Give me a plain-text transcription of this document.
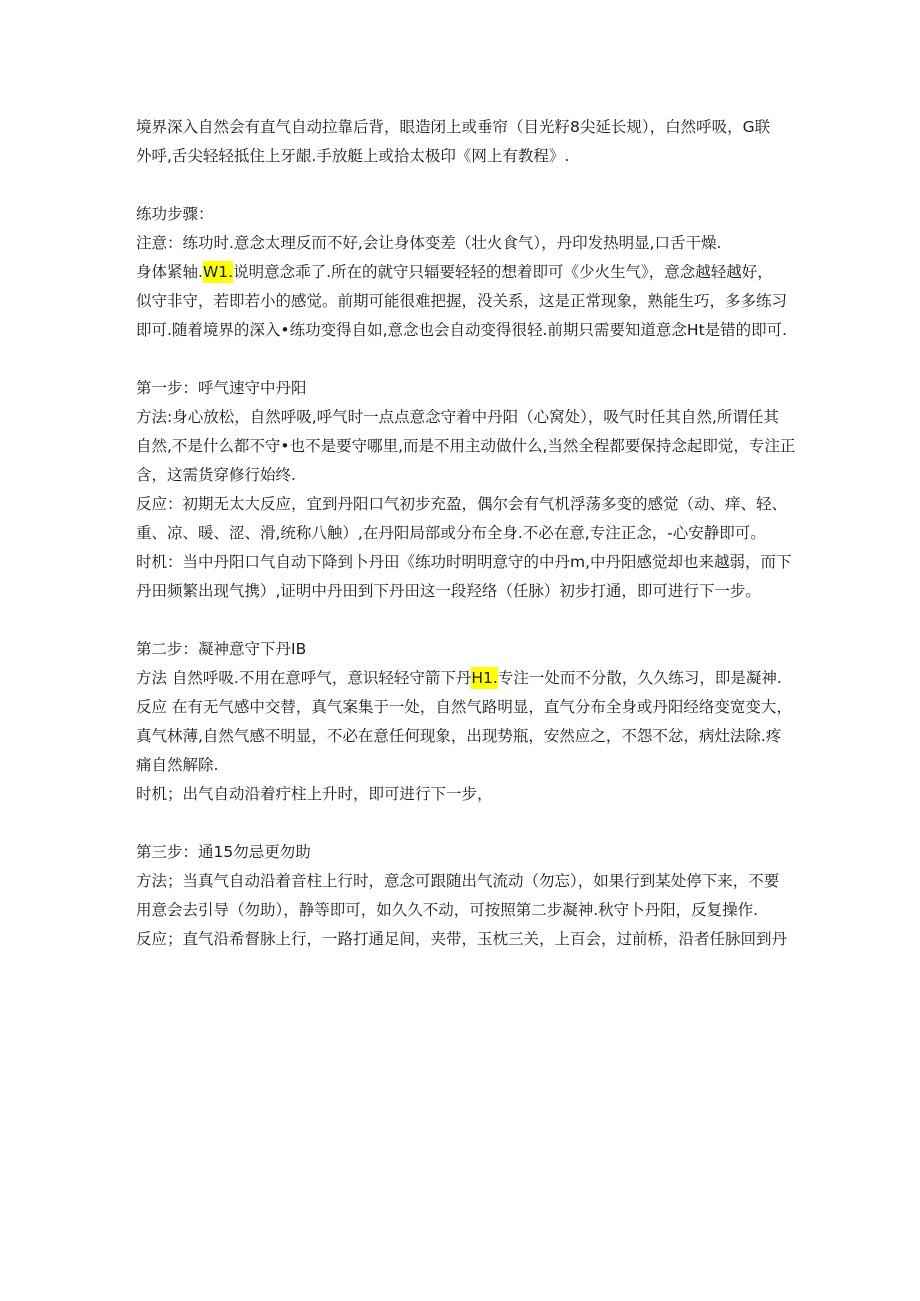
境界深入自然会有直气自动拉靠后背，眼造闭上或垂帘（目光籽8尖延长规），白然呼吸，G联
外呼,舌尖轻轻抵住上牙龈.手放艇上或拾太极印《网上有教程》.
练功步骤：
注意：练功时.意念太理反而不好,会让身体变差（壮火食气），丹印发热明显,口舌干燥.
身体紧轴.W1.说明意念乖了.所在的就守只辐要轻轻的想着即可《少火生气》，意念越轻越好，
似守非守，若即若小的感觉。前期可能很难把握，没关系，这是正常现象，熟能生巧，多多练习
即可.随着境界的深入•练功变得自如,意念也会自动变得很轻.前期只需要知道意念Ht是错的即可.
第一步：呼气速守中丹阳
方法:身心放松，自然呼吸,呼气时一点点意念守着中丹阳（心窝处），吸气时任其自然,所谓任其
自然,不是什么都不守•也不是要守哪里,而是不用主动做什么,当然全程都要保持念起即觉，专注正
含，这需货穿修行始终.
反应：初期无太大反应，宜到丹阳口气初步充盈，偶尔会有气机浮荡多变的感觉（动、痒、轻、
重、凉、暖、涩、滑,统称八触）,在丹阳局部或分布全身.不必在意,专注正念，-心安静即可。
时机：当中丹阳口气自动下降到卜丹田《练功时明明意守的中丹m,中丹阳感觉却也来越弱，而下
丹田频繁出现气携）,证明中丹田到下丹田这一段羟络（任脉）初步打通，即可进行下一步。
第二步：凝神意守下丹IB
方法 自然呼吸.不用在意呼气，意识轻轻守箭下丹H1.专注一处而不分散，久久练习，即是凝神.
反应 在有无气感中交替，真气案集于一处，自然气路明显，直气分布全身或丹阳经络变宽变大，
真气林薄,自然气感不明显，不必在意任何现象，出现势瓶，安然应之，不怨不忿，病灶法除.疼
痛自然解除.
时机；出气自动沿着疔柱上升时，即可进行下一步，
第三步：通15勿忌更勿助
方法；当真气自动沿着音柱上行时，意念可跟随出气流动（勿忘），如果行到某处停下来，不要
用意会去引导（勿助），静等即可，如久久不动，可按照第二步凝神.秋守卜丹阳，反复操作.
反应；直气沿希督脉上行，一路打通足间，夹带，玉枕三关，上百会，过前桥，沿者任脉回到丹
